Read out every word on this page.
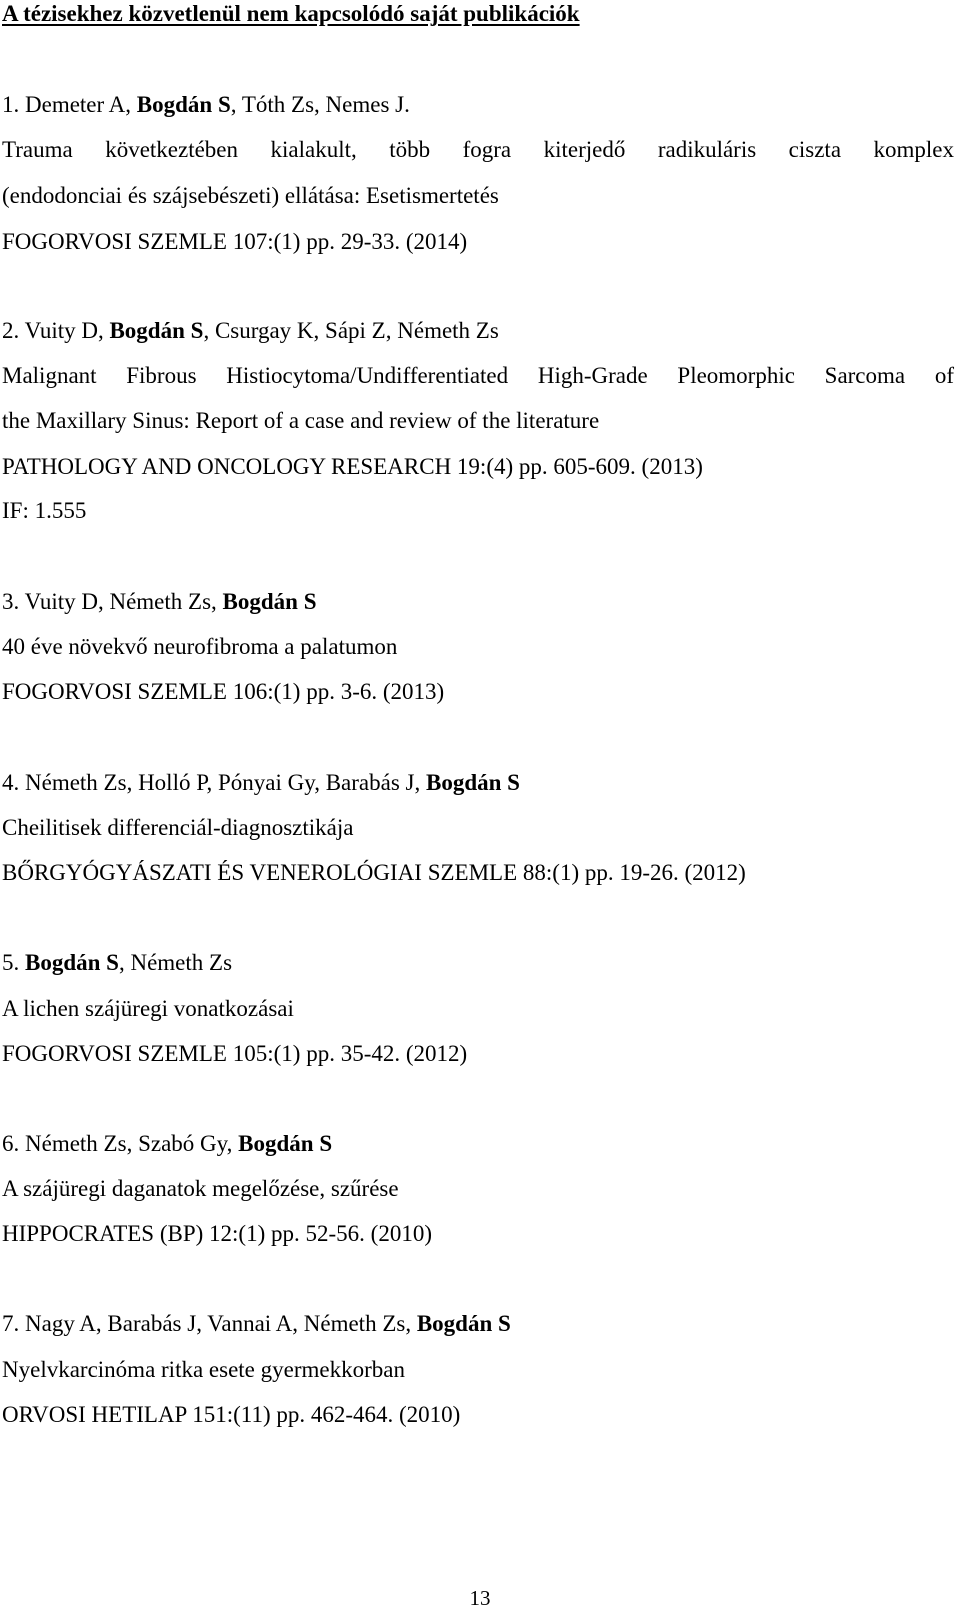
A tézisekhez közvetlenül nem kapcsolódó saját publikációk
1. Demeter A, Bogdán S, Tóth Zs, Nemes J.
Trauma következtében kialakult, több fogra kiterjedő radikuláris ciszta komplex
(endodonciai és szájsebészeti) ellátása: Esetismertetés
FOGORVOSI SZEMLE 107:(1) pp. 29-33. (2014)
2. Vuity D, Bogdán S, Csurgay K, Sápi Z, Németh Zs
Malignant Fibrous Histiocytoma/Undifferentiated High-Grade Pleomorphic Sarcoma of
the Maxillary Sinus: Report of a case and review of the literature
PATHOLOGY AND ONCOLOGY RESEARCH 19:(4) pp. 605-609. (2013)
IF: 1.555
3. Vuity D, Németh Zs, Bogdán S
40 éve növekvő neurofibroma a palatumon
FOGORVOSI SZEMLE 106:(1) pp. 3-6. (2013)
4. Németh Zs, Holló P, Pónyai Gy, Barabás J, Bogdán S
Cheilitisek differenciál-diagnosztikája
BŐRGYÓGYÁSZATI ÉS VENEROLÓGIAI SZEMLE 88:(1) pp. 19-26. (2012)
5. Bogdán S, Németh Zs
A lichen szájüregi vonatkozásai
FOGORVOSI SZEMLE 105:(1) pp. 35-42. (2012)
6. Németh Zs, Szabó Gy, Bogdán S
A szájüregi daganatok megelőzése, szűrése
HIPPOCRATES (BP) 12:(1) pp. 52-56. (2010)
7. Nagy A, Barabás J, Vannai A, Németh Zs, Bogdán S
Nyelvkarcinóma ritka esete gyermekkorban
ORVOSI HETILAP 151:(11) pp. 462-464. (2010)
13
